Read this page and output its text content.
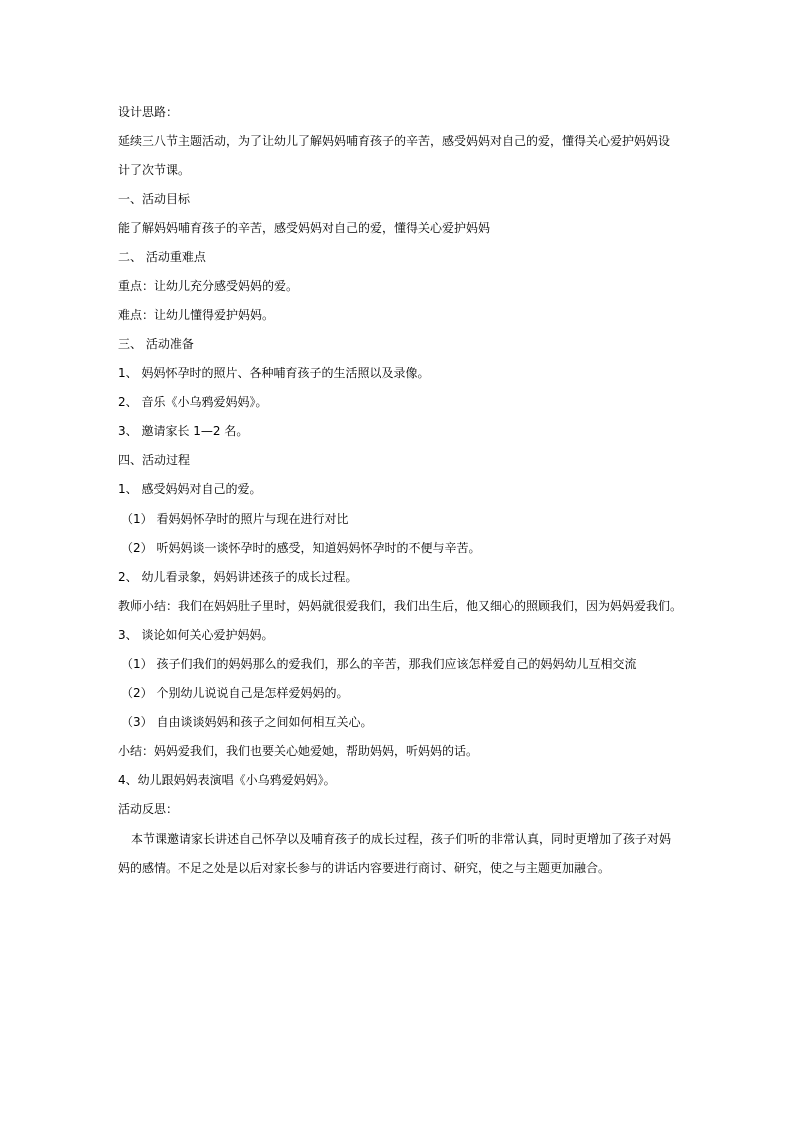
设计思路：
延续三八节主题活动，为了让幼儿了解妈妈哺育孩子的辛苦，感受妈妈对自己的爱，懂得关心爱护妈妈设
计了次节课。
一、活动目标
能了解妈妈哺育孩子的辛苦，感受妈妈对自己的爱，懂得关心爱护妈妈
二、 活动重难点
重点：让幼儿充分感受妈妈的爱。
难点：让幼儿懂得爱护妈妈。
三、 活动准备
1、 妈妈怀孕时的照片、各种哺育孩子的生活照以及录像。
2、 音乐《小乌鸦爱妈妈》。
3、 邀请家长 1—2 名。
四、活动过程
1、 感受妈妈对自己的爱。
（1） 看妈妈怀孕时的照片与现在进行对比
（2） 听妈妈谈一谈怀孕时的感受，知道妈妈怀孕时的不便与辛苦。
2、 幼儿看录象，妈妈讲述孩子的成长过程。
教师小结：我们在妈妈肚子里时，妈妈就很爱我们，我们出生后，他又细心的照顾我们，因为妈妈爱我们。
3、 谈论如何关心爱护妈妈。
（1） 孩子们我们的妈妈那么的爱我们，那么的辛苦，那我们应该怎样爱自己的妈妈幼儿互相交流
（2） 个别幼儿说说自己是怎样爱妈妈的。
（3） 自由谈谈妈妈和孩子之间如何相互关心。
小结：妈妈爱我们，我们也要关心她爱她，帮助妈妈，听妈妈的话。
4、幼儿跟妈妈表演唱《小乌鸦爱妈妈》。
活动反思：
本节课邀请家长讲述自己怀孕以及哺育孩子的成长过程，孩子们听的非常认真，同时更增加了孩子对妈
妈的感情。不足之处是以后对家长参与的讲话内容要进行商讨、研究，使之与主题更加融合。
